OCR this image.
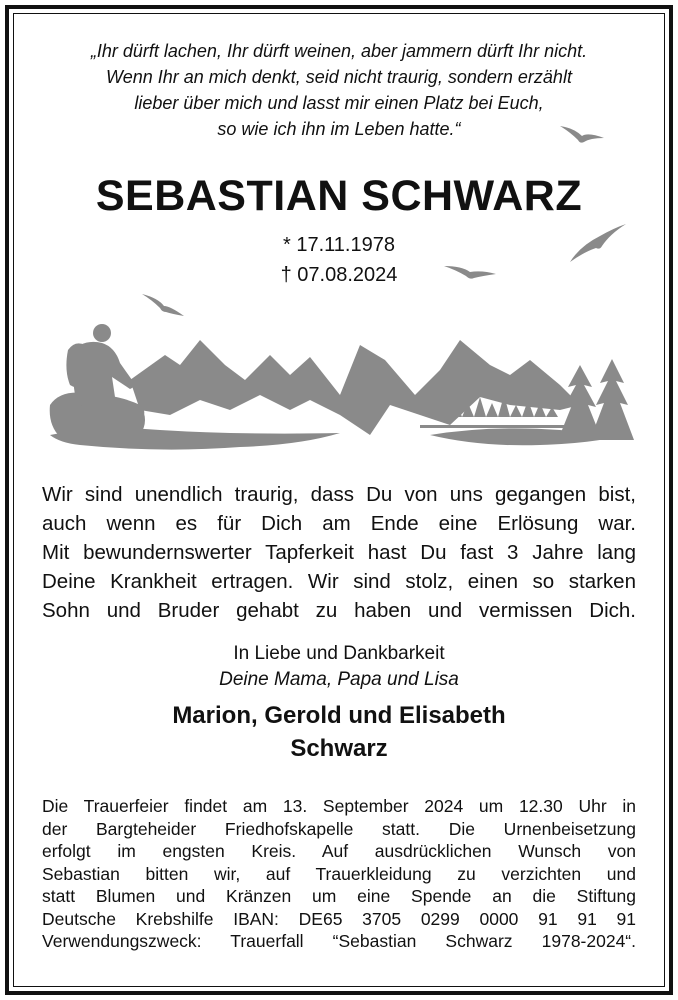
„Ihr dürft lachen, Ihr dürft weinen, aber jammern dürft Ihr nicht.
Wenn Ihr an mich denkt, seid nicht traurig, sondern erzählt
lieber über mich und lasst mir einen Platz bei Euch,
so wie ich ihn im Leben hatte.“
SEBASTIAN SCHWARZ
* 17.11.1978
† 07.08.2024
Wir sind unendlich traurig, dass Du von uns gegangen bist,
auch wenn es für Dich am Ende eine Erlösung war.
Mit bewundernswerter Tapferkeit hast Du fast 3 Jahre lang
Deine Krankheit ertragen. Wir sind stolz, einen so starken
Sohn und Bruder gehabt zu haben und vermissen Dich.
In Liebe und Dankbarkeit
Deine Mama, Papa und Lisa
Marion, Gerold und Elisabeth
Schwarz
Die Trauerfeier findet am 13. September 2024 um 12.30 Uhr in
der Bargteheider Friedhofskapelle statt. Die Urnenbeisetzung
erfolgt im engsten Kreis. Auf ausdrücklichen Wunsch von
Sebastian bitten wir, auf Trauerkleidung zu verzichten und
statt Blumen und Kränzen um eine Spende an die Stiftung
Deutsche Krebshilfe IBAN: DE65 3705 0299 0000 91 91 91
Verwendungszweck: Trauerfall “Sebastian Schwarz 1978-2024“.
